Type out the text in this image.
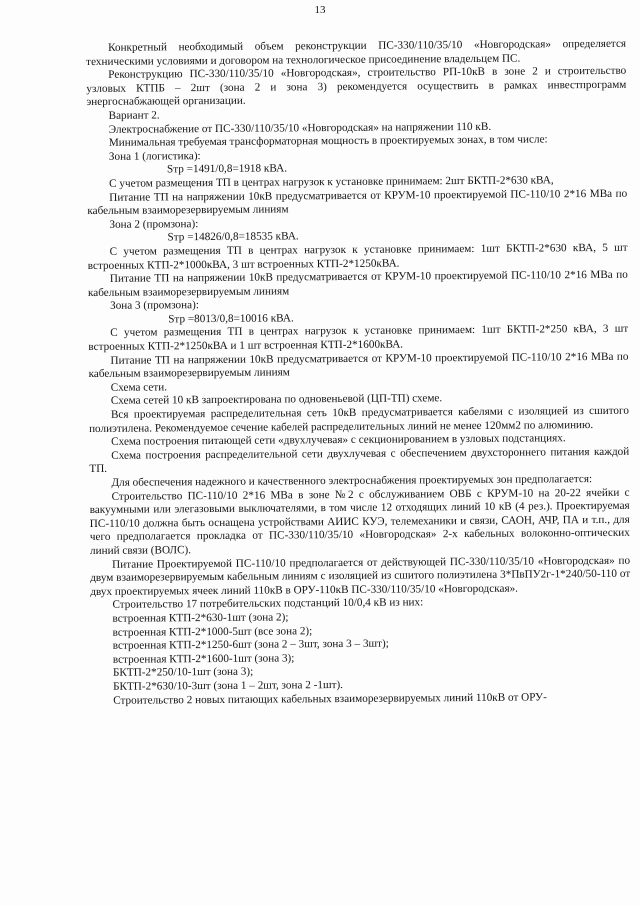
13

Конкретный необходимый объем реконструкции ПС-330/110/35/10 «Новгородская» определяется техническими условиями и договором на технологическое присоединение владельцем ПС.

Реконструкцию ПС-330/110/35/10 «Новгородская», строительство РП-10кВ в зоне 2 и строительство узловых КТПБ – 2шт (зона 2 и зона 3) рекомендуется осуществить в рамках инвестпрограмм энергоснабжающей организации.

Вариант 2.

Электроснабжение от ПС-330/110/35/10 «Новгородская» на напряжении 110 кВ.

Минимальная требуемая трансформаторная мощность в проектируемых зонах, в том числе:

Зона 1 (логистика):

Sтр =1491/0,8=1918 кВА.

С учетом размещения ТП в центрах нагрузок к установке принимаем: 2шт БКТП-2*630 кВА,

Питание ТП на напряжении 10кВ предусматривается от КРУМ-10 проектируемой ПС-110/10 2*16 МВа по кабельным взаиморезервируемым линиям

Зона 2 (промзона):

Sтр =14826/0,8=18535 кВА.

С учетом размещения ТП в центрах нагрузок к установке принимаем: 1шт БКТП-2*630 кВА, 5 шт встроенных КТП-2*1000кВА, 3 шт встроенных КТП-2*1250кВА.

Питание ТП на напряжении 10кВ предусматривается от КРУМ-10 проектируемой ПС-110/10 2*16 МВа по кабельным взаиморезервируемым линиям

Зона 3 (промзона):

Sтр =8013/0,8=10016 кВА.

С учетом размещения ТП в центрах нагрузок к установке принимаем: 1шт БКТП-2*250 кВА, 3 шт встроенных КТП-2*1250кВА и 1 шт встроенная КТП-2*1600кВА.

Питание ТП на напряжении 10кВ предусматривается от КРУМ-10 проектируемой ПС-110/10 2*16 МВа по кабельным взаиморезервируемым линиям

Схема сети.

Схема сетей 10 кВ запроектирована по одновеньевой (ЦП-ТП) схеме.

Вся проектируемая распределительная сеть 10кВ предусматривается кабелями с изоляцией из сшитого полиэтилена. Рекомендуемое сечение кабелей распределительных линий не менее 120мм2 по алюминию.

Схема построения питающей сети «двухлучевая» с секционированием в узловых подстанциях.

Схема построения распределительной сети двухлучевая с обеспечением двухстороннего питания каждой ТП.

Для обеспечения надежного и качественного электроснабжения проектируемых зон предполагается:

Строительство ПС-110/10 2*16 МВа в зоне №2 с обслуживанием ОВБ с КРУМ-10 на 20-22 ячейки с вакуумными или элегазовыми выключателями, в том числе 12 отходящих линий 10 кВ (4 рез.). Проектируемая ПС-110/10 должна быть оснащена устройствами АИИС КУЭ, телемеханики и связи, САОН, АЧР, ПА и т.п., для чего предполагается прокладка от ПС-330/110/35/10 «Новгородская» 2-х кабельных волоконно-оптических линий связи (ВОЛС).

Питание Проектируемой ПС-110/10 предполагается от действующей ПС-330/110/35/10 «Новгородская» по двум взаиморезервируемым кабельным линиям с изоляцией из сшитого полиэтилена 3*ПвПУ2г-1*240/50-110 от двух проектируемых ячеек линий 110кВ в ОРУ-110кВ ПС-330/110/35/10 «Новгородская».

Строительство 17 потребительских подстанций 10/0,4 кВ из них:

встроенная КТП-2*630-1шт (зона 2);

встроенная КТП-2*1000-5шт (все зона 2);

встроенная КТП-2*1250-6шт (зона 2 – 3шт, зона 3 – 3шт);

встроенная КТП-2*1600-1шт (зона 3);

БКТП-2*250/10-1шт (зона 3);

БКТП-2*630/10-3шт (зона 1 – 2шт, зона 2 -1шт).

Строительство 2 новых питающих кабельных взаиморезервируемых линий 110кВ от ОРУ-
